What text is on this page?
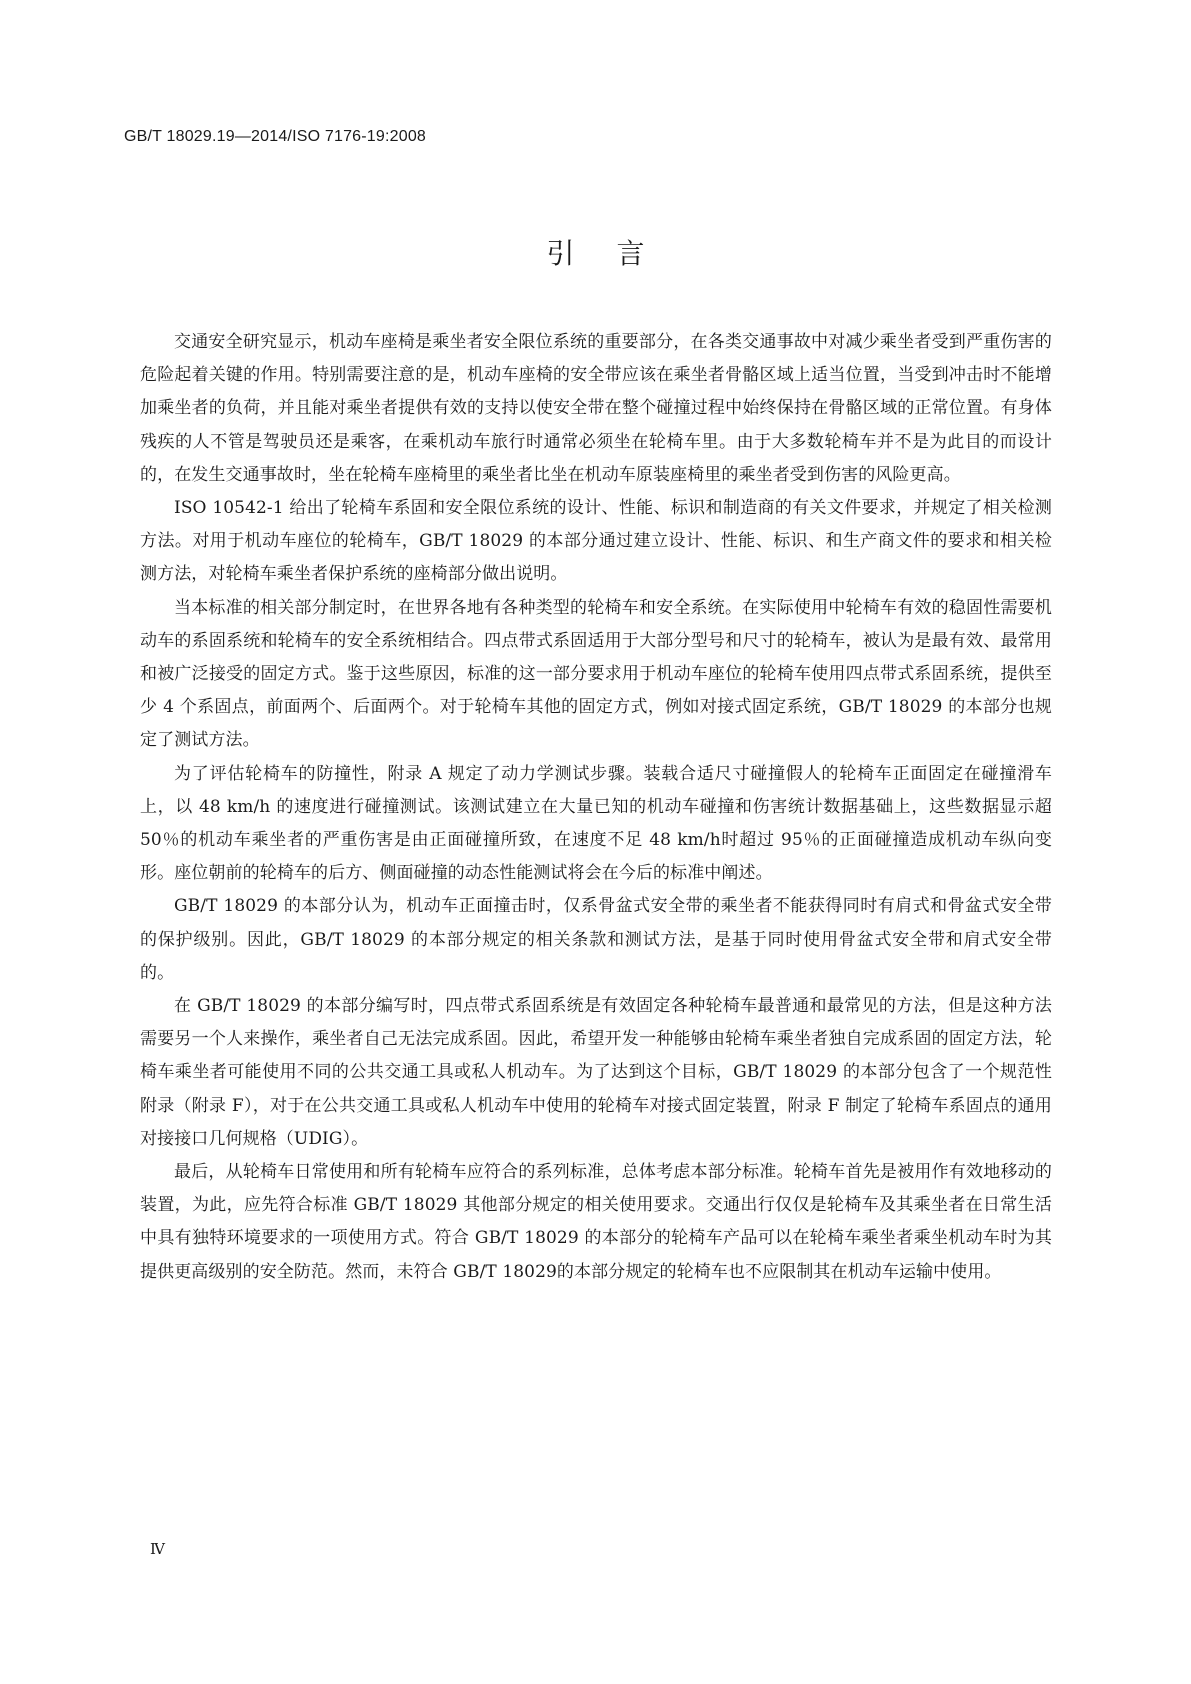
GB/T 18029.19—2014/ISO 7176-19:2008
引言

交通安全研究显示，机动车座椅是乘坐者安全限位系统的重要部分，在各类交通事故中对减少乘坐者受到严重伤害的危险起着关键的作用。特别需要注意的是，机动车座椅的安全带应该在乘坐者骨骼区域上适当位置，当受到冲击时不能增加乘坐者的负荷，并且能对乘坐者提供有效的支持以使安全带在整个碰撞过程中始终保持在骨骼区域的正常位置。有身体残疾的人不管是驾驶员还是乘客，在乘机动车旅行时通常必须坐在轮椅车里。由于大多数轮椅车并不是为此目的而设计的，在发生交通事故时，坐在轮椅车座椅里的乘坐者比坐在机动车原装座椅里的乘坐者受到伤害的风险更高。

ISO 10542-1 给出了轮椅车系固和安全限位系统的设计、性能、标识和制造商的有关文件要求，并规定了相关检测方法。对用于机动车座位的轮椅车，GB/T 18029 的本部分通过建立设计、性能、标识、和生产商文件的要求和相关检测方法，对轮椅车乘坐者保护系统的座椅部分做出说明。

当本标准的相关部分制定时，在世界各地有各种类型的轮椅车和安全系统。在实际使用中轮椅车有效的稳固性需要机动车的系固系统和轮椅车的安全系统相结合。四点带式系固适用于大部分型号和尺寸的轮椅车，被认为是最有效、最常用和被广泛接受的固定方式。鉴于这些原因，标准的这一部分要求用于机动车座位的轮椅车使用四点带式系固系统，提供至少 4 个系固点，前面两个、后面两个。对于轮椅车其他的固定方式，例如对接式固定系统，GB/T 18029 的本部分也规定了测试方法。

为了评估轮椅车的防撞性，附录 A 规定了动力学测试步骤。装载合适尺寸碰撞假人的轮椅车正面固定在碰撞滑车上，以 48 km/h 的速度进行碰撞测试。该测试建立在大量已知的机动车碰撞和伤害统计数据基础上，这些数据显示超 50％的机动车乘坐者的严重伤害是由正面碰撞所致，在速度不足 48 km/h时超过 95％的正面碰撞造成机动车纵向变形。座位朝前的轮椅车的后方、侧面碰撞的动态性能测试将会在今后的标准中阐述。

GB/T 18029 的本部分认为，机动车正面撞击时，仅系骨盆式安全带的乘坐者不能获得同时有肩式和骨盆式安全带的保护级别。因此，GB/T 18029 的本部分规定的相关条款和测试方法，是基于同时使用骨盆式安全带和肩式安全带的。

在 GB/T 18029 的本部分编写时，四点带式系固系统是有效固定各种轮椅车最普通和最常见的方法，但是这种方法需要另一个人来操作，乘坐者自己无法完成系固。因此，希望开发一种能够由轮椅车乘坐者独自完成系固的固定方法，轮椅车乘坐者可能使用不同的公共交通工具或私人机动车。为了达到这个目标，GB/T 18029 的本部分包含了一个规范性附录（附录 F），对于在公共交通工具或私人机动车中使用的轮椅车对接式固定装置，附录 F 制定了轮椅车系固点的通用对接接口几何规格（UDIG）。

最后，从轮椅车日常使用和所有轮椅车应符合的系列标准，总体考虑本部分标准。轮椅车首先是被用作有效地移动的装置，为此，应先符合标准 GB/T 18029 其他部分规定的相关使用要求。交通出行仅仅是轮椅车及其乘坐者在日常生活中具有独特环境要求的一项使用方式。符合 GB/T 18029 的本部分的轮椅车产品可以在轮椅车乘坐者乘坐机动车时为其提供更高级别的安全防范。然而，未符合 GB/T 18029的本部分规定的轮椅车也不应限制其在机动车运输中使用。

Ⅳ
